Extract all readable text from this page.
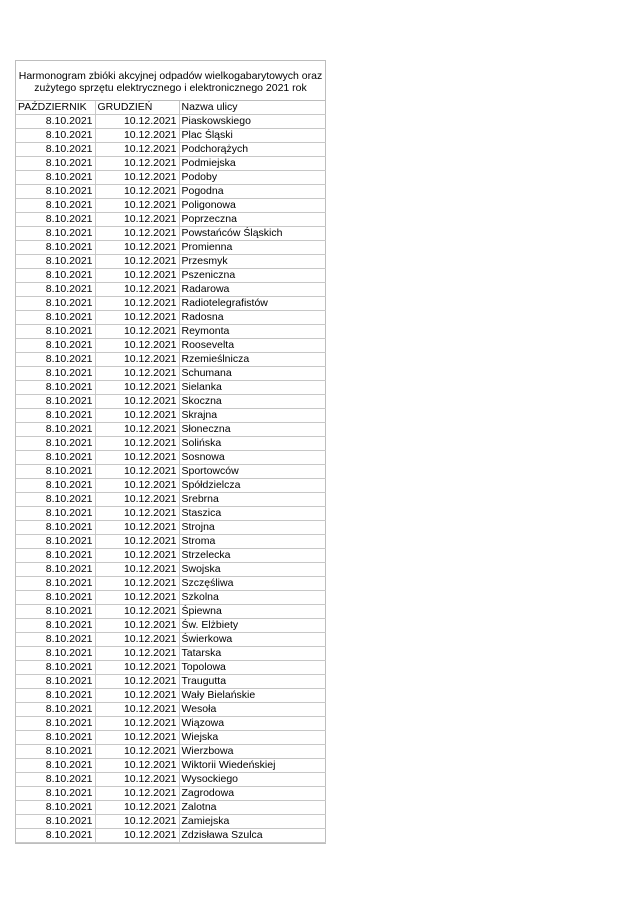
Harmonogram zbióki akcyjnej odpadów wielkogabarytowych oraz
zużytego sprzętu elektrycznego i elektronicznego 2021 rok
PAŹDZIERNIK	GRUDZIEŃ	Nazwa ulicy
8.10.2021	10.12.2021	Piaskowskiego
8.10.2021	10.12.2021	Plac Śląski
8.10.2021	10.12.2021	Podchorążych
8.10.2021	10.12.2021	Podmiejska
8.10.2021	10.12.2021	Podoby
8.10.2021	10.12.2021	Pogodna
8.10.2021	10.12.2021	Poligonowa
8.10.2021	10.12.2021	Poprzeczna
8.10.2021	10.12.2021	Powstańców Śląskich
8.10.2021	10.12.2021	Promienna
8.10.2021	10.12.2021	Przesmyk
8.10.2021	10.12.2021	Pszeniczna
8.10.2021	10.12.2021	Radarowa
8.10.2021	10.12.2021	Radiotelegrafistów
8.10.2021	10.12.2021	Radosna
8.10.2021	10.12.2021	Reymonta
8.10.2021	10.12.2021	Roosevelta
8.10.2021	10.12.2021	Rzemieślnicza
8.10.2021	10.12.2021	Schumana
8.10.2021	10.12.2021	Sielanka
8.10.2021	10.12.2021	Skoczna
8.10.2021	10.12.2021	Skrajna
8.10.2021	10.12.2021	Słoneczna
8.10.2021	10.12.2021	Solińska
8.10.2021	10.12.2021	Sosnowa
8.10.2021	10.12.2021	Sportowców
8.10.2021	10.12.2021	Spółdzielcza
8.10.2021	10.12.2021	Srebrna
8.10.2021	10.12.2021	Staszica
8.10.2021	10.12.2021	Strojna
8.10.2021	10.12.2021	Stroma
8.10.2021	10.12.2021	Strzelecka
8.10.2021	10.12.2021	Swojska
8.10.2021	10.12.2021	Szczęśliwa
8.10.2021	10.12.2021	Szkolna
8.10.2021	10.12.2021	Śpiewna
8.10.2021	10.12.2021	Św. Elżbiety
8.10.2021	10.12.2021	Świerkowa
8.10.2021	10.12.2021	Tatarska
8.10.2021	10.12.2021	Topolowa
8.10.2021	10.12.2021	Traugutta
8.10.2021	10.12.2021	Wały Bielańskie
8.10.2021	10.12.2021	Wesoła
8.10.2021	10.12.2021	Wiązowa
8.10.2021	10.12.2021	Wiejska
8.10.2021	10.12.2021	Wierzbowa
8.10.2021	10.12.2021	Wiktorii Wiedeńskiej
8.10.2021	10.12.2021	Wysockiego
8.10.2021	10.12.2021	Zagrodowa
8.10.2021	10.12.2021	Zalotna
8.10.2021	10.12.2021	Zamiejska
8.10.2021	10.12.2021	Zdzisława Szulca
